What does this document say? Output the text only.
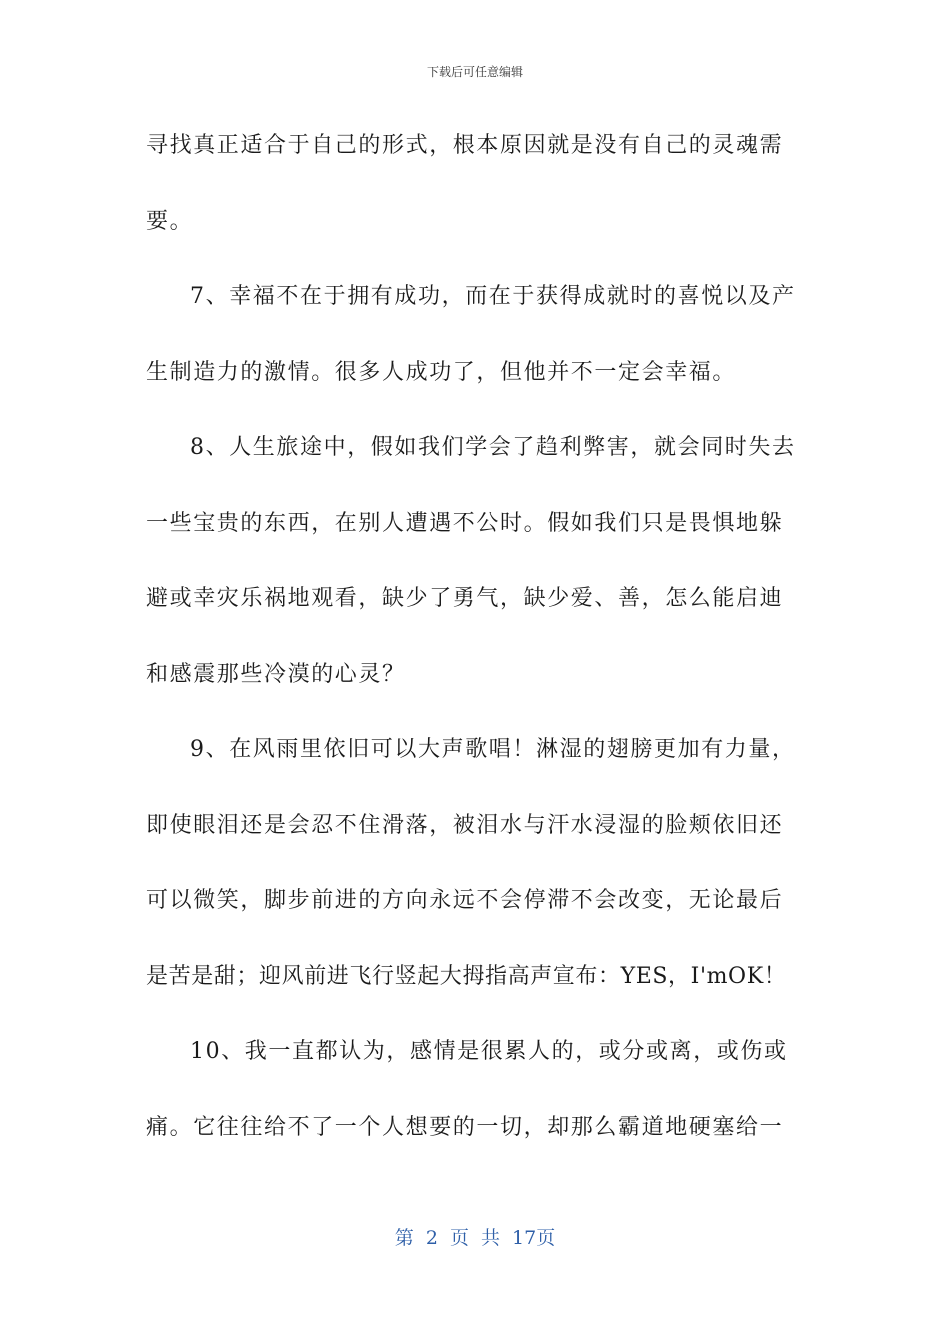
下载后可任意编辑
寻找真正适合于自己的形式，根本原因就是没有自己的灵魂需
要。
7、幸福不在于拥有成功，而在于获得成就时的喜悦以及产
生制造力的激情。很多人成功了，但他并不一定会幸福。
8、人生旅途中，假如我们学会了趋利弊害，就会同时失去
一些宝贵的东西，在别人遭遇不公时。假如我们只是畏惧地躲
避或幸灾乐祸地观看，缺少了勇气，缺少爱、善，怎么能启迪
和感震那些冷漠的心灵？
9、在风雨里依旧可以大声歌唱！淋湿的翅膀更加有力量，
即使眼泪还是会忍不住滑落，被泪水与汗水浸湿的脸颊依旧还
可以微笑，脚步前进的方向永远不会停滞不会改变，无论最后
是苦是甜；迎风前进飞行竖起大拇指高声宣布：YES，I'mOK！
10、我一直都认为，感情是很累人的，或分或离，或伤或
痛。它往往给不了一个人想要的一切，却那么霸道地硬塞给一
第 2 页 共 17页
